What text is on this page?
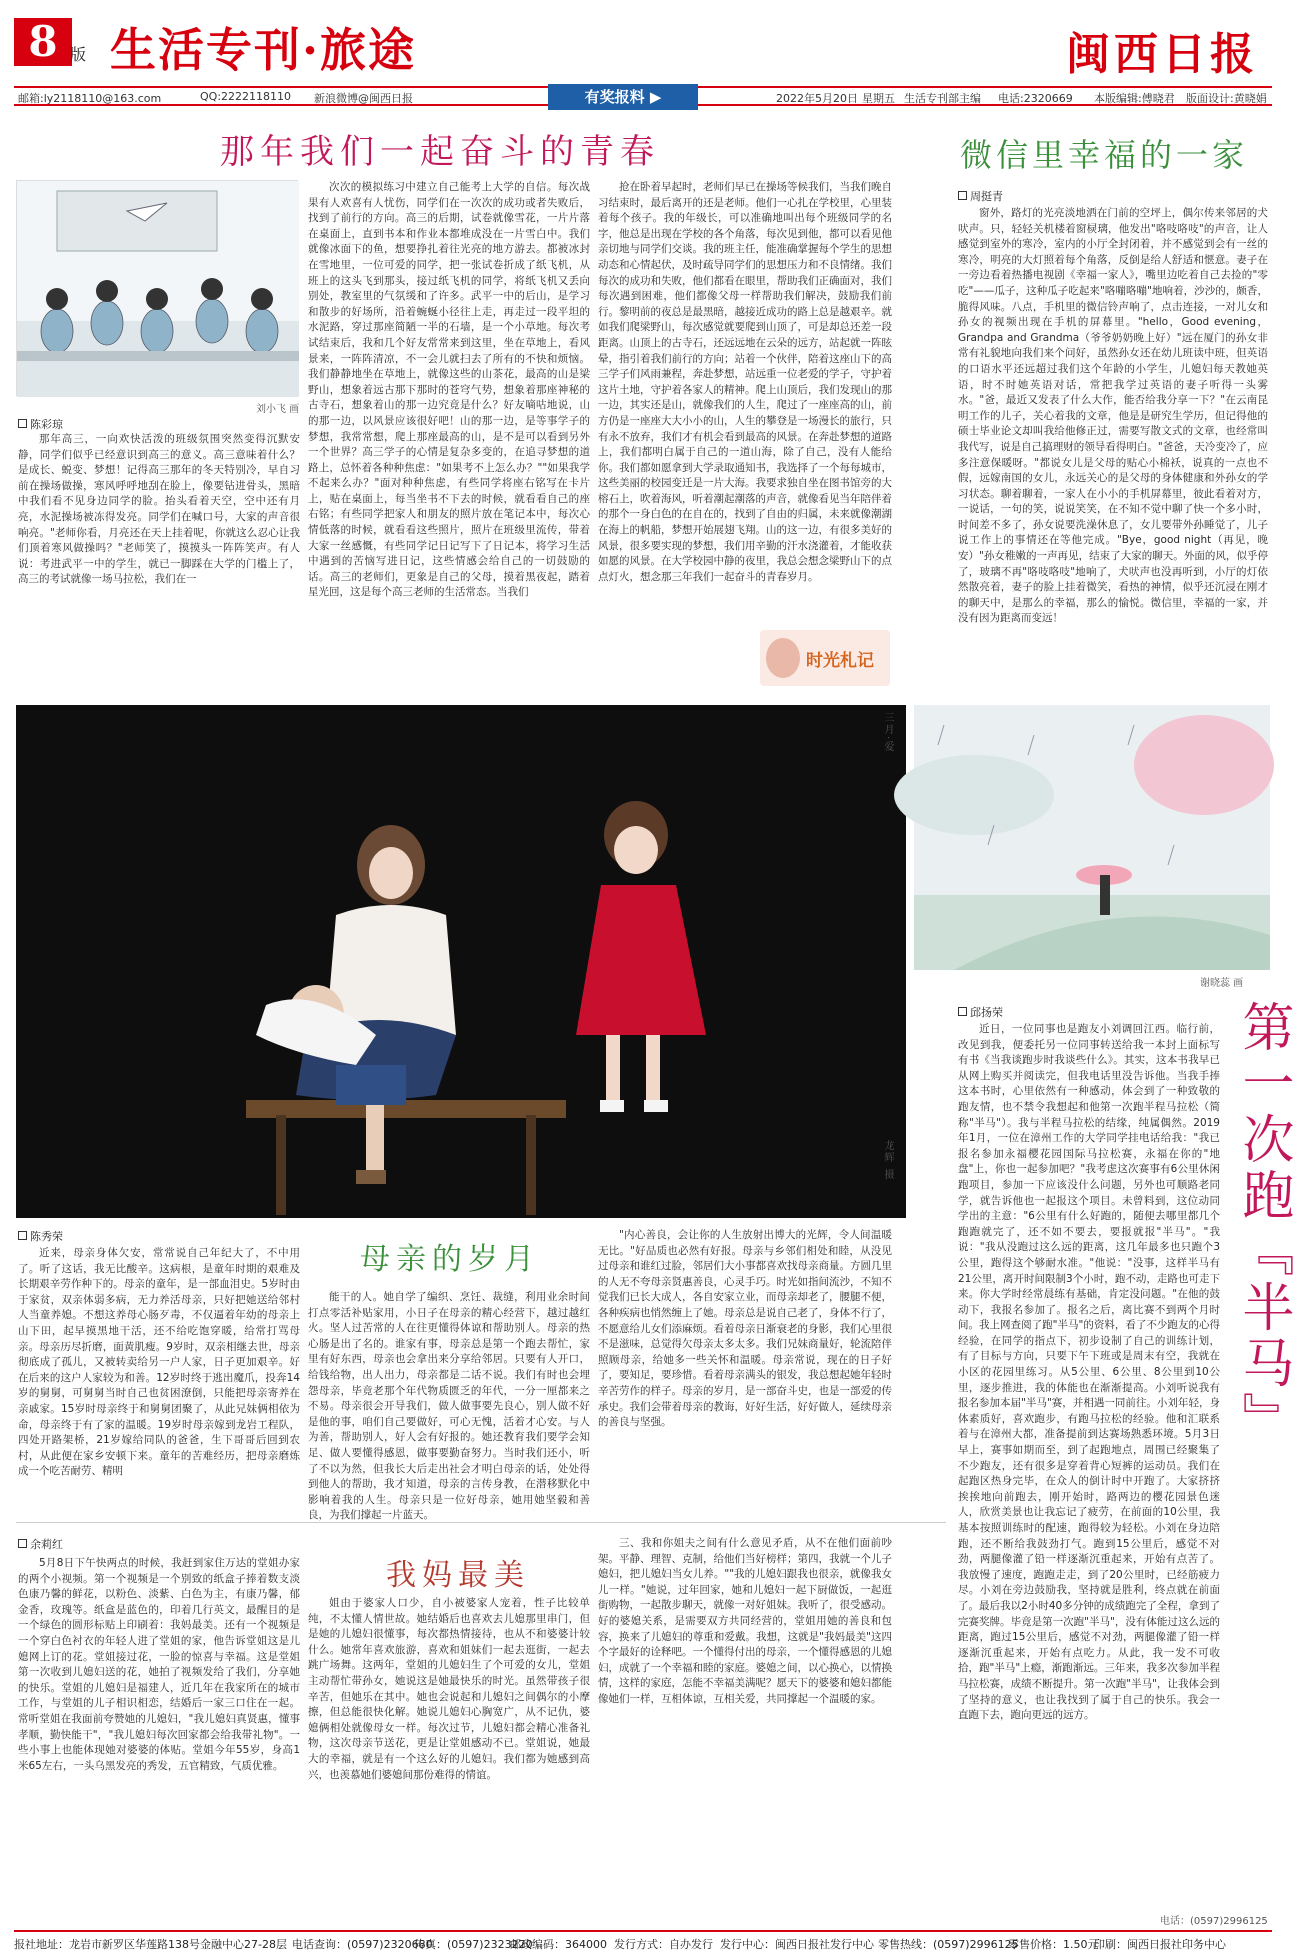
8 版 生活专刊·旅途	闽西日报
邮箱:ly2118110@163.com	QQ:2222118110 新浪微博@闽西日报	2022年5月20日 星期五 生活专刊部主编 电话:2320669 本版编辑:傅晓君 版面设计:黄晓娟
有奖报料 ▶ 2118110
那年我们一起奋斗的青春
刘小飞 画
陈彩琼

那年高三，一向欢快活泼的班级氛围突然变得沉默安静，同学们似乎已经意识到高三的意义。高三意味着什么？是成长、蜕变、梦想！记得高三那年的冬天特别冷，早自习前在操场做操，寒风呼呼地刮在脸上，像要钻进骨头，黑暗中我们看不见身边同学的脸。抬头看着天空，空中还有月亮，水泥操场被冻得发亮。同学们在喊口号，大家的声音很响亮。"老师你看，月亮还在天上挂着呢，你就这么忍心让我们顶着寒风做操吗？"老师笑了，摸摸头一阵阵笑声。有人说：考进武平一中的学生，就已一脚踩在大学的门槛上了，高三的考试就像一场马拉松，我们在一

次次的模拟练习中建立自己能考上大学的自信。每次战果有人欢喜有人忧伤，同学们在一次次的成功或者失败后，找到了前行的方向。高三的后期，试卷就像雪花，一片片落在桌面上，直到书本和作业本都堆成没在一片雪白中。我们就像冰面下的鱼，想要挣扎着往光亮的地方游去。都被冰封在雪地里，一位可爱的同学，把一张试卷折成了纸飞机，从班上的这头飞到那头，接过纸飞机的同学，将纸飞机又丢向别处，教室里的气氛缓和了许多。武平一中的后山，是学习和散步的好场所，沿着蜿蜒小径往上走，再走过一段平坦的水泥路，穿过那座简陋一半的石墙，是一个小草地。每次考试结束后，我和几个好友常常来到这里，坐在草地上，看风景来，一阵阵清凉，不一会儿就扫去了所有的不快和烦恼。我们静静地坐在草地上，就像这些的山茶花，最高的山是梁野山，想象着远古那下那时的苍穹气势，想象着那座神秘的古寺石，想象着山的那一边究竟是什么？好友嘀咕地说，山的那一边，以风景应该很好吧！山的那一边，是等事学子的梦想，我常常想，爬上那座最高的山，是不是可以看到另外一个世界？高三学子的心情是复杂多变的，在追寻梦想的道路上，总怀着各种种焦虑："如果考不上怎么办？""如果我学不起来么办？"面对种种焦虑，有些同学将座右铭写在卡片上，贴在桌面上，每当坐书不下去的时候，就看看自己的座右铭；有些同学把家人和朋友的照片放在笔记本中，每次心情低落的时候，就看看这些照片，照片在班级里流传，带着大家一丝感慨，有些同学记日记写下了日记本，将学习生活中遇到的苦恼写进日记，这些情感会给自己的一切鼓励的话。高三的老师们，更象是自己的父母，摸着黑夜起，踏着星光回，这是每个高三老师的生活常态。当我们

抢在卧着早起时，老师们早已在操场等候我们，当我们晚自习结束时，最后离开的还是老师。他们一心扎在学校里，心里装着每个孩子。我的年级长，可以准确地叫出每个班级同学的名字，他总是出现在学校的各个角落，每次见到他，都可以看见他亲切地与同学们交谈。我的班主任，能准确掌握每个学生的思想动态和心情起伏，及时疏导同学们的思想压力和不良情绪。我们每次的成功和失败，他们都看在眼里，帮助我们正确面对，我们每次遇到困难，他们都像父母一样帮助我们解决，鼓励我们前行。黎明前的夜总是最黑暗，越接近成功的路上总是越艰辛。就如我们爬梁野山，每次感觉就要爬到山顶了，可是却总还差一段距离。山顶上的古寺石，还远远地在云朵的远方，站起就一阵眩晕，指引着我们前行的方向；站着一个伙伴，陪着这座山下的高三学子们风雨兼程，奔赴梦想，站远重一位老爱的学子，守护着这片土地，守护着各家人的精神。爬上山顶后，我们发现山的那一边，其实还是山，就像我们的人生，爬过了一座座高的山，前方仍是一座座大大小小的山，人生的攀登是一场漫长的旅行，只有永不放弃，我们才有机会看到最高的风景。在奔赴梦想的道路上，我们都明白属于自己的一道山海，除了自己，没有人能给你。我们都如愿拿到大学录取通知书，我选择了一个每每城市，这些美丽的校园变迁是一片大海。我要求独自坐在图书馆旁的大榕石上，吹着海风，听着潮起潮落的声音，就像看见当年陪伴着的那个一身白色的在自在的，找到了自由的归属，未来就像潮湖在海上的帆船，梦想开始展翅飞翔。山的这一边，有很多美好的风景，很多要实现的梦想，我们用辛勤的汗水浇灌着，才能收获如愿的风景。在大学校园中静的夜里，我总会想念梁野山下的点点灯火，想念那三年我们一起奋斗的青春岁月。

时光札记
微信里幸福的一家
周挺青

窗外，路灯的光亮淡地洒在门前的空坪上，偶尔传来邻居的犬吠声。只，轻轻关机楼着窗棂璃，他发出"咯吱咯吱"的声音，让人感觉到室外的寒冷，室内的小厅全封闭着，并不感觉到会有一丝的寒冷，明亮的大灯照着每个角落，反倒是给人舒适和惬意。妻子在一旁边看着热播电视剧《幸福一家人》，嘴里边吃着自己去捡的"零吃"——瓜子，这种瓜子吃起来"咯嘣咯嘣"地响着，沙沙的，颇香，脆得风味。八点，手机里的微信铃声响了，点击连接，一对儿女和孙女的视频出现在手机的屏幕里。"hello，Good evening，Grandpa and Grandma（爷爷奶奶晚上好）"远在厦门的孙女非常有礼貌地向我们来个问好，虽然孙女还在幼儿班读中班，但英语的口语水平还远超过我们这个年龄的小学生，儿媳妇每天教她英语，时不时她英语对话，常把我学过英语的妻子听得一头雾水。"爸，最近又发表了什么大作，能否给我分享一下？"在云南昆明工作的儿子，关心着我的文章，他是是研究生学历，但记得他的硕士毕业论文却叫我给他修正过，需要写散文式的文章，也经常叫我代写，说是自己搞理财的领导看得明白。"爸爸，天冷变冷了，应多注意保暖呀。"都说女儿是父母的贴心小棉袄，说真的一点也不假，远嫁南国的女儿，永远关心的是父母的身体健康和外孙女的学习状态。聊着聊着，一家人在小小的手机屏幕里，彼此看着对方，一说话，一句的笑，说说笑笑，在不知不觉中聊了快一个多小时，时间差不多了，孙女说要洗澡休息了，女儿要带外孙睡觉了，儿子说工作上的事情还在等他完成。"Bye，good night（再见，晚安）"孙女稚嫩的一声再见，结束了大家的聊天。外面的风，似乎停了，玻璃不再"咯吱咯吱"地响了，犬吠声也没再听到，小厅的灯依然散亮着，妻子的脸上挂着微笑，看热的神情，似乎还沉浸在刚才的聊天中，是那么的幸福，那么的愉悦。微信里，幸福的一家，并没有因为距离而变远！

三月·爱
龙辉 摄
谢晓蕊 画
邱扬荣	第一次跑『半马』

近日，一位同事也是跑友小刘调回江西。临行前，改见到我，便委托另一位同事转送给我一本封上面标写有书《当我谈跑步时我谈些什么》。其实，这本书我早已从网上购买并阅读完，但我电话里没告诉他。当我手捧这本书时，心里依然有一种感动，体会到了一种致敬的跑友情，也不禁令我想起和他第一次跑半程马拉松（简称"半马"）。我与半程马拉松的结缘，纯属偶然。2019年1月，一位在漳州工作的大学同学挂电话给我："我已报名参加永福樱花园国际马拉松赛，永福在你的"地盘"上，你也一起参加吧？"我考虑这次赛事有6公里休闲跑项目，参加一下应该没什么问题，另外也可顺路老同学，就告诉他也一起报这个项目。未曾料到，这位动同学出的主意："6公里有什么好跑的，随便去哪里都几个跑跑就完了，还不如不要去，要报就报"半马"。"我说："我从没跑过这么远的距离，这几年最多也只跑个3公里，跑得这个够耐水准。"他说："没事，这样半马有21公里，离开时间限制3个小时，跑不动，走路也可走下来。你大学时经常晨练有基础，肯定没问题。"在他的鼓动下，我报名参加了。报名之后，离比赛不到两个月时间。我上网查阅了跑"半马"的资料，看了不少跑友的心得经验，在同学的指点下，初步设制了自己的训练计划，有了目标与方向，只要下午下班或是周末有空，我就在小区的花园里练习。从5公里、6公里、8公里到10公里，逐步推进，我的体能也在渐渐提高。小刘听说我有报名参加本届"半马"赛，并相遇一同前往。小刘年轻，身体素质好，喜欢跑步，有跑马拉松的经验。他和汇联系着与在漳州大都，准备提前到达赛场熟悉环境。5月3日早上，赛事如期而至，到了起跑地点，周围已经聚集了不少跑友，还有很多是穿着背心短裤的运动员。我们在起跑区热身完毕，在众人的倒计时中开跑了。大家挤挤挨挨地向前跑去，刚开始时，路两边的樱花园景色迷人，欣赏美景也让我忘记了疲劳，在前面的10公里，我基本按照训练时的配速，跑得较为轻松。小刘在身边陪跑，还不断给我鼓劲打气。跑到15公里后，感觉不对劲，两腿像灌了铅一样逐渐沉重起来，开始有点苦了。我放慢了速度，跑跑走走，到了20公里时，已经筋疲力尽。小刘在旁边鼓励我，坚持就是胜利，终点就在前面了。最后我以2小时40多分钟的成绩跑完了全程，拿到了完赛奖牌。毕竟是第一次跑"半马"，没有体能过这么远的距离，跑过15公里后，感觉不对劲，两腿像灌了铅一样逐渐沉重起来，开始有点吃力。从此，我一发不可收拾，跑"半马"上瘾，渐跑渐远。三年来，我多次参加半程马拉松赛，成绩不断提升。第一次跑"半马"，让我体会到了坚持的意义，也让我找到了属于自己的快乐。我会一直跑下去，跑向更远的远方。

母亲的岁月
陈秀荣

近来，母亲身体欠安，常常说自己年纪大了，不中用了。听了这话，我无比酸辛。这病根，是童年时期的艰难及长期艰辛劳作种下的。母亲的童年，是一部血泪史。5岁时由于家贫，双亲体弱多病，无力养活母亲，只好把她送给邻村人当童养媳。不想这养母心肠歹毒，不仅逼着年幼的母亲上山下田，起早摸黑地干活，还不给吃饱穿暖，给常打骂母亲。母亲历尽折磨，面黄肌瘦。9岁时，双亲相继去世，母亲彻底成了孤儿，又被转卖给另一户人家，日子更加艰辛。好在后来的这户人家较为和善。12岁时终于逃出魔爪，投奔14岁的舅舅，可舅舅当时自己也贫困潦倒，只能把母亲寄养在亲戚家。15岁时母亲终于和舅舅团聚了，从此兄妹俩相依为命，母亲终于有了家的温暖。19岁时母亲嫁到龙岩工程队，四处开路架桥，21岁嫁给同队的爸爸，生下哥哥后回到农村，从此便在家乡安顿下来。童年的苦难经历，把母亲磨炼成一个吃苦耐劳、精明

能干的人。她自学了编织、烹饪、裁缝，利用业余时间打点零活补贴家用，小日子在母亲的精心经营下，越过越红火。坚人过苦常的人在往更懂得体谅和帮助别人。母亲的热心肠是出了名的。谁家有事，母亲总是第一个跑去帮忙，家里有好东西，母亲也会拿出来分享给邻居。只要有人开口，给钱给物，出人出力，母亲都是二话不说。我们有时也会埋怨母亲，毕竟老那个年代物质匮乏的年代，一分一厘都来之不易。母亲很会开导我们，做人做事要先良心，别人做不好是他的事，咱们自己要做好，可心无愧，活着才心安。与人为善，帮助别人，好人会有好报的。她还教育我们要学会知足、做人要懂得感恩，做事要勤奋努力。当时我们还小，听了不以为然，但我长大后走出社会才明白母亲的话，处处得到他人的帮助，我才知道，母亲的言传身教，在潜移默化中影响着我的人生。母亲只是一位好母亲，她用她坚毅和善良，为我们撑起一片蓝天。

"内心善良，会让你的人生放射出博大的光辉，令人间温暖无比。"好品质也必然有好报。母亲与乡邻们相处和睦，从没见过母亲和谁红过脸，邻居们大小事都喜欢找母亲商量。方圆几里的人无不夸母亲贤惠善良，心灵手巧。时光如指间流沙，不知不觉我们已长大成人，各自安家立业，而母亲却老了，腰腿不便，各种疾病也悄然缠上了她。母亲总是说自己老了，身体不行了，不愿意给儿女们添麻烦。看着母亲日渐衰老的身影，我们心里很不是滋味，总觉得欠母亲太多太多。我们兄妹商量好，轮流陪伴照顾母亲，给她多一些关怀和温暖。母亲常说，现在的日子好了，要知足，要珍惜。看着母亲满头的银发，我总想起她年轻时辛苦劳作的样子。母亲的岁月，是一部奋斗史，也是一部爱的传承史。我们会带着母亲的教诲，好好生活，好好做人，延续母亲的善良与坚强。

我妈最美
余莉红

5月8日下午快两点的时候，我赶到家住万达的堂姐办家的两个小视频。第一个视频是一个别致的纸盒子捧着数支淡色康乃馨的鲜花，以粉色、淡紫、白色为主，有康乃馨，郁金香，玫瑰等。纸盒是蓝色的，印着几行英文，最醒目的是一个绿色的圆形标贴上印刷着：我妈最美。还有一个视频是一个穿白色衬衣的年轻人进了堂姐的家，他告诉堂姐这是儿媳网上订的花。堂姐接过花，一脸的惊喜与幸福。这是堂姐第一次收到儿媳妇送的花，她拍了视频发给了我们，分享她的快乐。堂姐的儿媳妇是福建人，近几年在我家所在的城市工作，与堂姐的儿子相识相恋，结婚后一家三口住在一起。常听堂姐在我面前夸赞她的儿媳妇，"我儿媳妇真贤惠，懂事孝顺，勤快能干"，"我儿媳妇每次回家都会给我带礼物"。一些小事上也能体现她对婆婆的体贴。堂姐今年55岁，身高1米65左右，一头乌黑发亮的秀发，五官精致，气质优雅。

姐由于婆家人口少，自小被婆家人宠着，性子比较单纯，不太懂人情世故。她结婚后也喜欢去儿媳那里串门，但是她的儿媳妇很懂事，每次都热情接待，也从不和婆婆计较什么。她常年喜欢旅游，喜欢和姐妹们一起去逛街，一起去跳广场舞。这两年，堂姐的儿媳妇生了个可爱的女儿，堂姐主动帮忙带孙女，她说这是她最快乐的时光。虽然带孩子很辛苦，但她乐在其中。她也会说起和儿媳妇之间偶尔的小摩擦，但总能很快化解。她说儿媳妇心胸宽广，从不记仇，婆媳俩相处就像母女一样。每次过节，儿媳妇都会精心准备礼物，这次母亲节送花，更是让堂姐感动不已。堂姐说，她最大的幸福，就是有一个这么好的儿媳妇。我们都为她感到高兴，也羡慕她们婆媳间那份难得的情谊。

三、我和你姐夫之间有什么意见矛盾，从不在他们面前吵架。平静、理智、克制，给他们当好榜样；第四，我就一个儿子媳妇，把儿媳妇当女儿养。""我的儿媳妇跟我也很亲，就像我女儿一样。"她说，过年回家，她和儿媳妇一起下厨做饭，一起逛街购物，一起散步聊天，就像一对好姐妹。我听了，很受感动。好的婆媳关系，是需要双方共同经营的，堂姐用她的善良和包容，换来了儿媳妇的尊重和爱戴。我想，这就是"我妈最美"这四个字最好的诠释吧。一个懂得付出的母亲，一个懂得感恩的儿媳妇，成就了一个幸福和睦的家庭。婆媳之间，以心换心，以情换情，这样的家庭，怎能不幸福美满呢？愿天下的婆婆和媳妇都能像她们一样，互相体谅，互相关爱，共同撑起一个温暖的家。

报社地址：龙岩市新罗区华莲路138号金融中心27-28层 电话查询：(0597)2320680
传真：(0597)2323220
邮政编码：364000 发行方式：自办发行 发行中心：闽西日报社发行中心 零售热线：(0597)2996125
零售价格：1.50元
印刷：闽西日报社印务中心
电话：(0597)2996125
